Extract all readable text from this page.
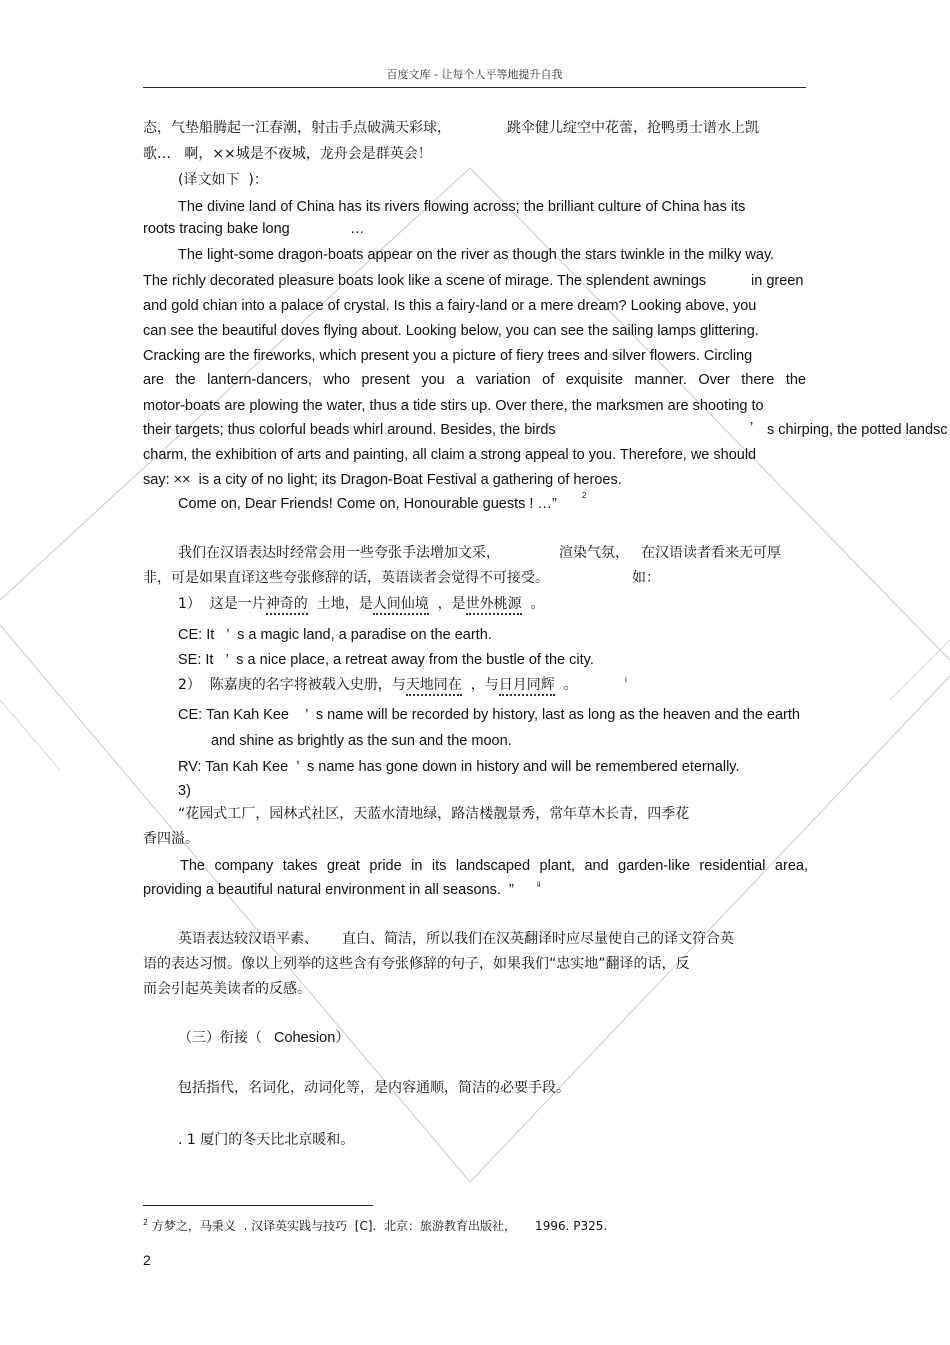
百度文库 - 让每个人平等地提升自我
态，气垫船腾起一江春潮，射击手点破满天彩球，	跳伞健儿绽空中花蕾，抢鸭勇士谱水上凯
歌…   啊，××城是不夜城，龙舟会是群英会！
(译文如下  )：
The divine land of China has its rivers flowing across; the brilliant culture of China has its
roots tracing bake long	…
The light-some dragon-boats appear on the river as though the stars twinkle in the milky way.
The richly decorated pleasure boats look like a scene of mirage. The splendent awnings	in green
and gold chian into a palace of crystal. Is this a fairy-land or a mere dream? Looking above, you
can see the beautiful doves flying about. Looking below, you can see the sailing lamps glittering.
Cracking are the fireworks, which present you a picture of fiery trees and silver flowers. Circling
are the lantern-dancers, who present you a variation of exquisite manner. Over there the
motor-boats are plowing the water, thus a tide stirs up. Over there, the marksmen are shooting to
their targets; thus colorful beads whirl around. Besides, the birds	’ s chirping, the potted landsc
charm, the exhibition of arts and painting, all claim a strong appeal to you. Therefore, we should
say: ××  is a city of no light; its Dragon-Boat Festival a gathering of heroes.
Come on, Dear Friends! Come on, Honourable guests ! …”
2
我们在汉语表达时经常会用一些夸张手法增加文采，	渲染气氛， 在汉语读者看来无可厚
非，可是如果直译这些夸张修辞的话，英语读者会觉得不可接受。	如：
1）  这是一片神奇的  土地，是人间仙境  ，是世外桃源  。
CE: It   ’  s a magic land, a paradise on the earth.
SE: It   ’  s a nice place, a retreat away from the bustle of the city.
2）  陈嘉庚的名字将被载入史册，与天地同在  ，与日月同辉  。	i
CE: Tan Kah Kee    ’  s name will be recorded by history, last as long as the heaven and the earth
and shine as brightly as the sun and the moon.
RV: Tan Kah Kee  ’  s name has gone down in history and will be remembered eternally.
3)
“花园式工厂，园林式社区，天蓝水清地绿，路洁楼靓景秀，常年草木长青，四季花
香四溢。
The company takes great pride in its landscaped plant, and garden-like residential area,
providing a beautiful natural environment in all seasons.  ”	ii
英语表达较汉语平素、 直白、简洁，所以我们在汉英翻译时应尽量使自己的译文符合英
语的表达习惯。像以上列举的这些含有夸张修辞的句子，如果我们“忠实地”翻译的话，反
而会引起英美读者的反感。
（三）衔接（ Cohesion）
包括指代，名词化，动词化等，是内容通顺，简洁的必要手段。
. 1 厦门的冬天比北京暖和。
$^2$ 方梦之，马秉义  . 汉译英实践与技巧  [C].  北京：旅游教育出版社，     1996. P325.
2
